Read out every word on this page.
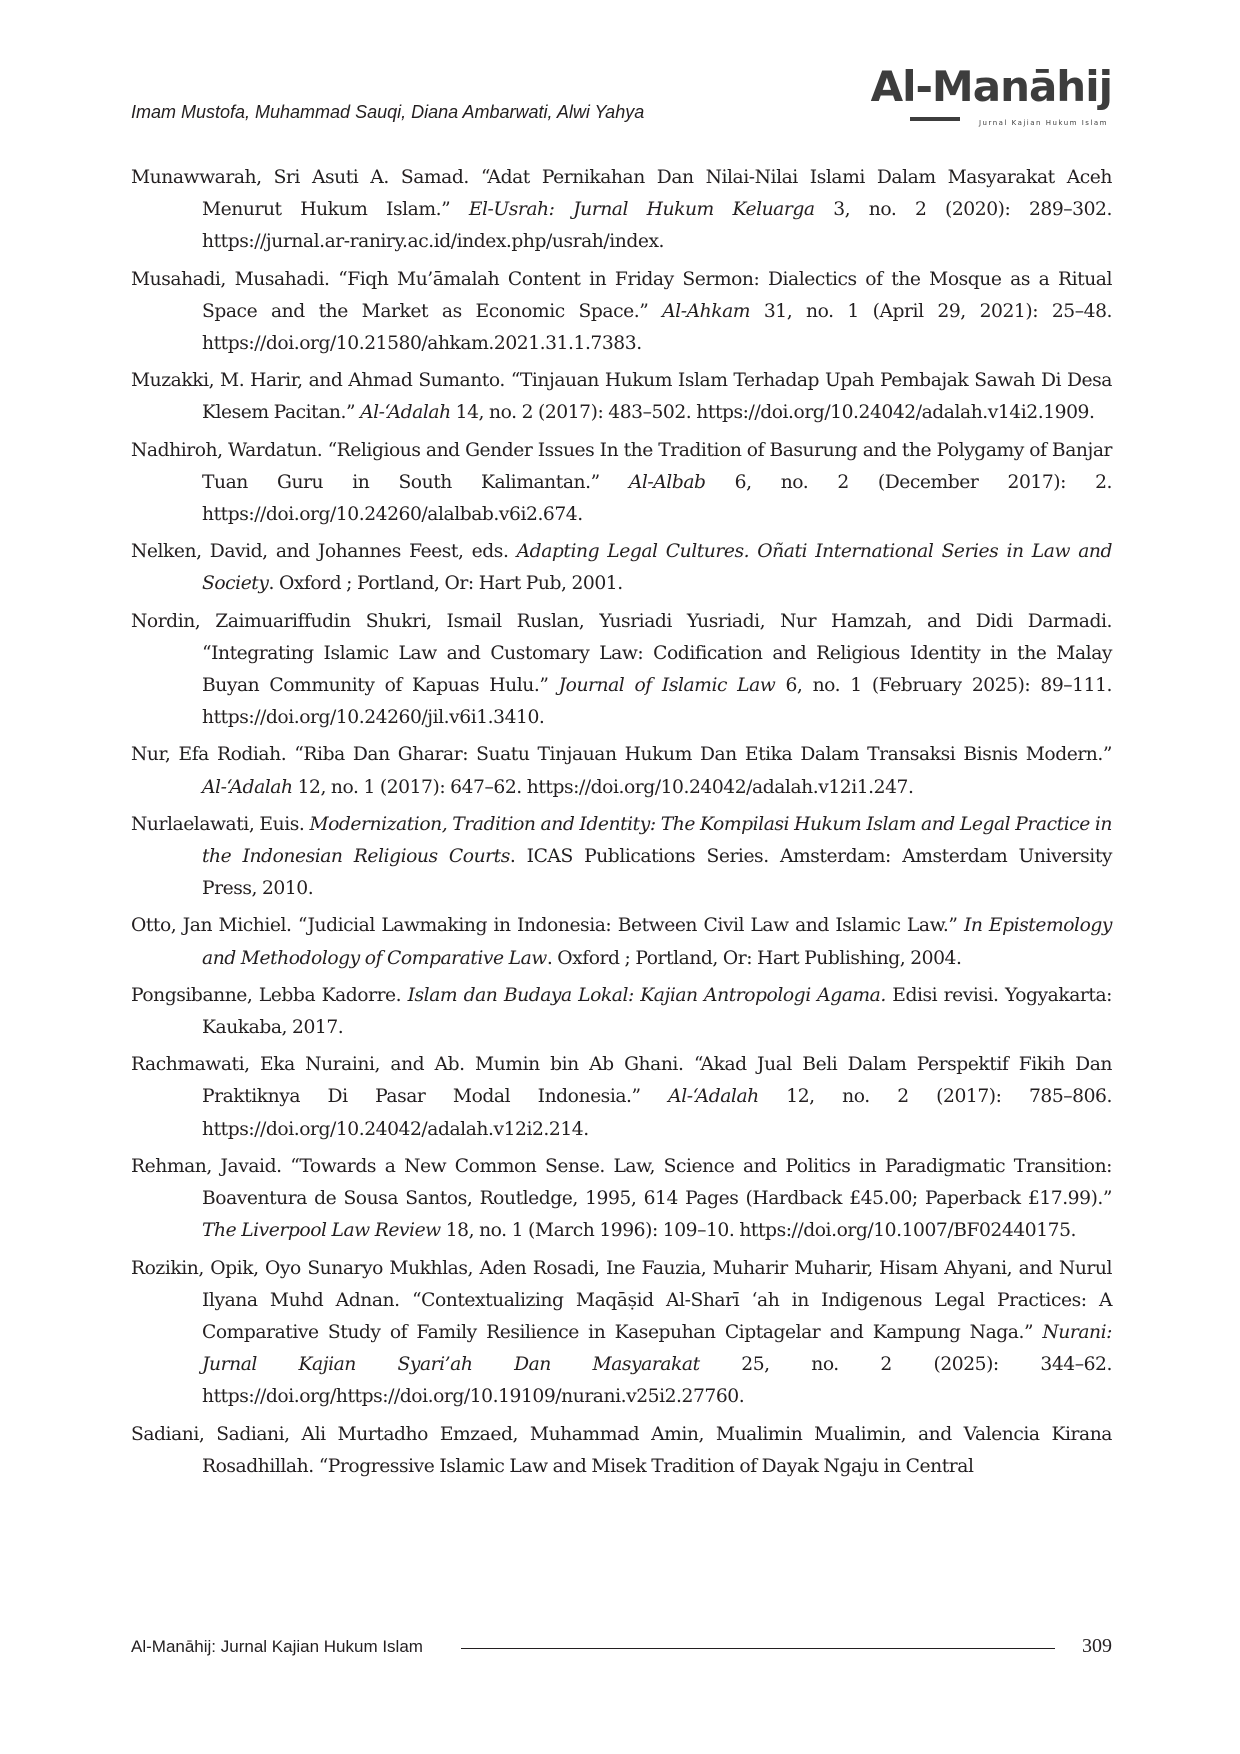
Imam Mustofa, Muhammad Sauqi, Diana Ambarwati, Alwi Yahya
Al-Manāhij
Jurnal Kajian Hukum Islam

Munawwarah, Sri Asuti A. Samad. “Adat Pernikahan Dan Nilai-Nilai Islami Dalam Masyarakat Aceh Menurut Hukum Islam.” El-Usrah: Jurnal Hukum Keluarga 3, no. 2 (2020): 289–302. https://jurnal.ar-raniry.ac.id/index.php/usrah/index.

Musahadi, Musahadi. “Fiqh Mu’āmalah Content in Friday Sermon: Dialectics of the Mosque as a Ritual Space and the Market as Economic Space.” Al-Ahkam 31, no. 1 (April 29, 2021): 25–48. https://doi.org/10.21580/ahkam.2021.31.1.7383.

Muzakki, M. Harir, and Ahmad Sumanto. “Tinjauan Hukum Islam Terhadap Upah Pembajak Sawah Di Desa Klesem Pacitan.” Al-‘Adalah 14, no. 2 (2017): 483–502. https://doi.org/10.24042/adalah.v14i2.1909.

Nadhiroh, Wardatun. “Religious and Gender Issues In the Tradition of Basurung and the Polygamy of Banjar Tuan Guru in South Kalimantan.” Al-Albab 6, no. 2 (December 2017): 2. https://doi.org/10.24260/alalbab.v6i2.674.

Nelken, David, and Johannes Feest, eds. Adapting Legal Cultures. Oñati International Series in Law and Society. Oxford ; Portland, Or: Hart Pub, 2001.

Nordin, Zaimuariffudin Shukri, Ismail Ruslan, Yusriadi Yusriadi, Nur Hamzah, and Didi Darmadi. “Integrating Islamic Law and Customary Law: Codification and Religious Identity in the Malay Buyan Community of Kapuas Hulu.” Journal of Islamic Law 6, no. 1 (February 2025): 89–111. https://doi.org/10.24260/jil.v6i1.3410.

Nur, Efa Rodiah. “Riba Dan Gharar: Suatu Tinjauan Hukum Dan Etika Dalam Transaksi Bisnis Modern.” Al-‘Adalah 12, no. 1 (2017): 647–62. https://doi.org/10.24042/adalah.v12i1.247.

Nurlaelawati, Euis. Modernization, Tradition and Identity: The Kompilasi Hukum Islam and Legal Practice in the Indonesian Religious Courts. ICAS Publications Series. Amsterdam: Amsterdam University Press, 2010.

Otto, Jan Michiel. “Judicial Lawmaking in Indonesia: Between Civil Law and Islamic Law.” In Epistemology and Methodology of Comparative Law. Oxford ; Portland, Or: Hart Publishing, 2004.

Pongsibanne, Lebba Kadorre. Islam dan Budaya Lokal: Kajian Antropologi Agama. Edisi revisi. Yogyakarta: Kaukaba, 2017.

Rachmawati, Eka Nuraini, and Ab. Mumin bin Ab Ghani. “Akad Jual Beli Dalam Perspektif Fikih Dan Praktiknya Di Pasar Modal Indonesia.” Al-‘Adalah 12, no. 2 (2017): 785–806. https://doi.org/10.24042/adalah.v12i2.214.

Rehman, Javaid. “Towards a New Common Sense. Law, Science and Politics in Paradigmatic Transition: Boaventura de Sousa Santos, Routledge, 1995, 614 Pages (Hardback £45.00; Paperback £17.99).” The Liverpool Law Review 18, no. 1 (March 1996): 109–10. https://doi.org/10.1007/BF02440175.

Rozikin, Opik, Oyo Sunaryo Mukhlas, Aden Rosadi, Ine Fauzia, Muharir Muharir, Hisam Ahyani, and Nurul Ilyana Muhd Adnan. “Contextualizing Maqāṣid Al-Sharī ‘ah in Indigenous Legal Practices: A Comparative Study of Family Resilience in Kasepuhan Ciptagelar and Kampung Naga.” Nurani: Jurnal Kajian Syari’ah Dan Masyarakat 25, no. 2 (2025): 344–62. https://doi.org/https://doi.org/10.19109/nurani.v25i2.27760.

Sadiani, Sadiani, Ali Murtadho Emzaed, Muhammad Amin, Mualimin Mualimin, and Valencia Kirana Rosadhillah. “Progressive Islamic Law and Misek Tradition of Dayak Ngaju in Central

Al-Manāhij: Jurnal Kajian Hukum Islam	309
